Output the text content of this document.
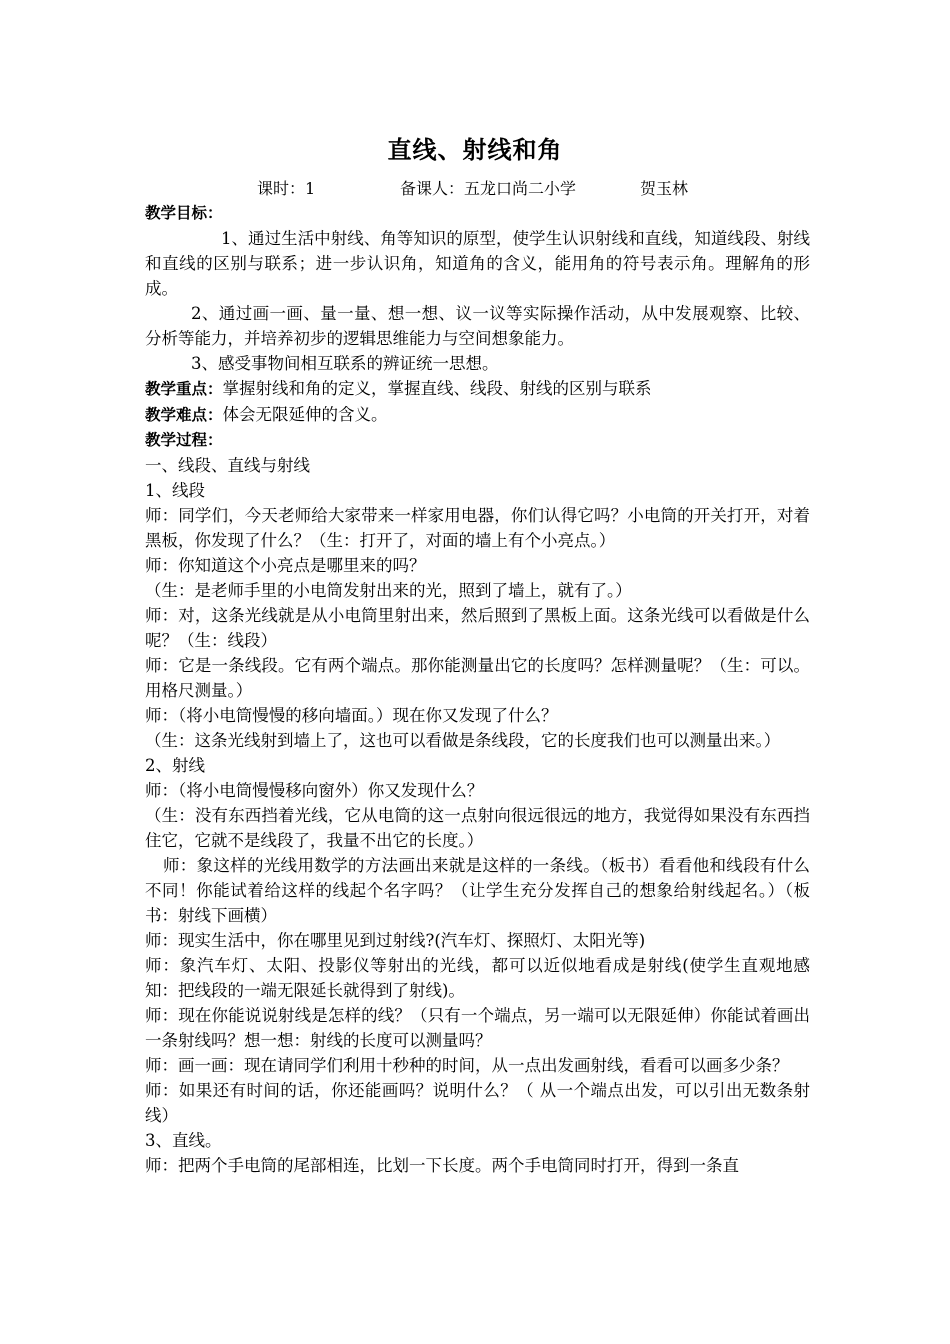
直线、射线和角
课时：1	备课人：五龙口尚二小学	贺玉林

教学目标：

1、通过生活中射线、角等知识的原型，使学生认识射线和直线，知道线段、射线和直线的区别与联系；进一步认识角，知道角的含义，能用角的符号表示角。理解角的形成。

2、通过画一画、量一量、想一想、议一议等实际操作活动，从中发展观察、比较、分析等能力，并培养初步的逻辑思维能力与空间想象能力。

3、感受事物间相互联系的辨证统一思想。

教学重点：掌握射线和角的定义，掌握直线、线段、射线的区别与联系

教学难点：体会无限延伸的含义。

教学过程：

一、线段、直线与射线

1、线段

师：同学们，今天老师给大家带来一样家用电器，你们认得它吗？小电筒的开关打开，对着黑板，你发现了什么？（生：打开了，对面的墙上有个小亮点。）

师：你知道这个小亮点是哪里来的吗？

（生：是老师手里的小电筒发射出来的光，照到了墙上，就有了。）

师：对，这条光线就是从小电筒里射出来，然后照到了黑板上面。这条光线可以看做是什么呢？（生：线段）

师：它是一条线段。它有两个端点。那你能测量出它的长度吗？怎样测量呢？（生：可以。用格尺测量。）

师：（将小电筒慢慢的移向墙面。）现在你又发现了什么？

（生：这条光线射到墙上了，这也可以看做是条线段，它的长度我们也可以测量出来。）

2、射线

师：（将小电筒慢慢移向窗外）你又发现什么？

（生：没有东西挡着光线，它从电筒的这一点射向很远很远的地方，我觉得如果没有东西挡住它，它就不是线段了，我量不出它的长度。）

师：象这样的光线用数学的方法画出来就是这样的一条线。（板书）看看他和线段有什么不同！你能试着给这样的线起个名字吗？（让学生充分发挥自己的想象给射线起名。）（板书：射线下画横）

师：现实生活中，你在哪里见到过射线?(汽车灯、探照灯、太阳光等)

师：象汽车灯、太阳、投影仪等射出的光线，都可以近似地看成是射线(使学生直观地感知：把线段的一端无限延长就得到了射线)。

师：现在你能说说射线是怎样的线？（只有一个端点，另一端可以无限延伸）你能试着画出一条射线吗？想一想：射线的长度可以测量吗？

师：画一画：现在请同学们利用十秒种的时间，从一点出发画射线，看看可以画多少条？

师：如果还有时间的话，你还能画吗？说明什么？（ 从一个端点出发，可以引出无数条射线）

3、直线。

师：把两个手电筒的尾部相连，比划一下长度。两个手电筒同时打开，得到一条直
